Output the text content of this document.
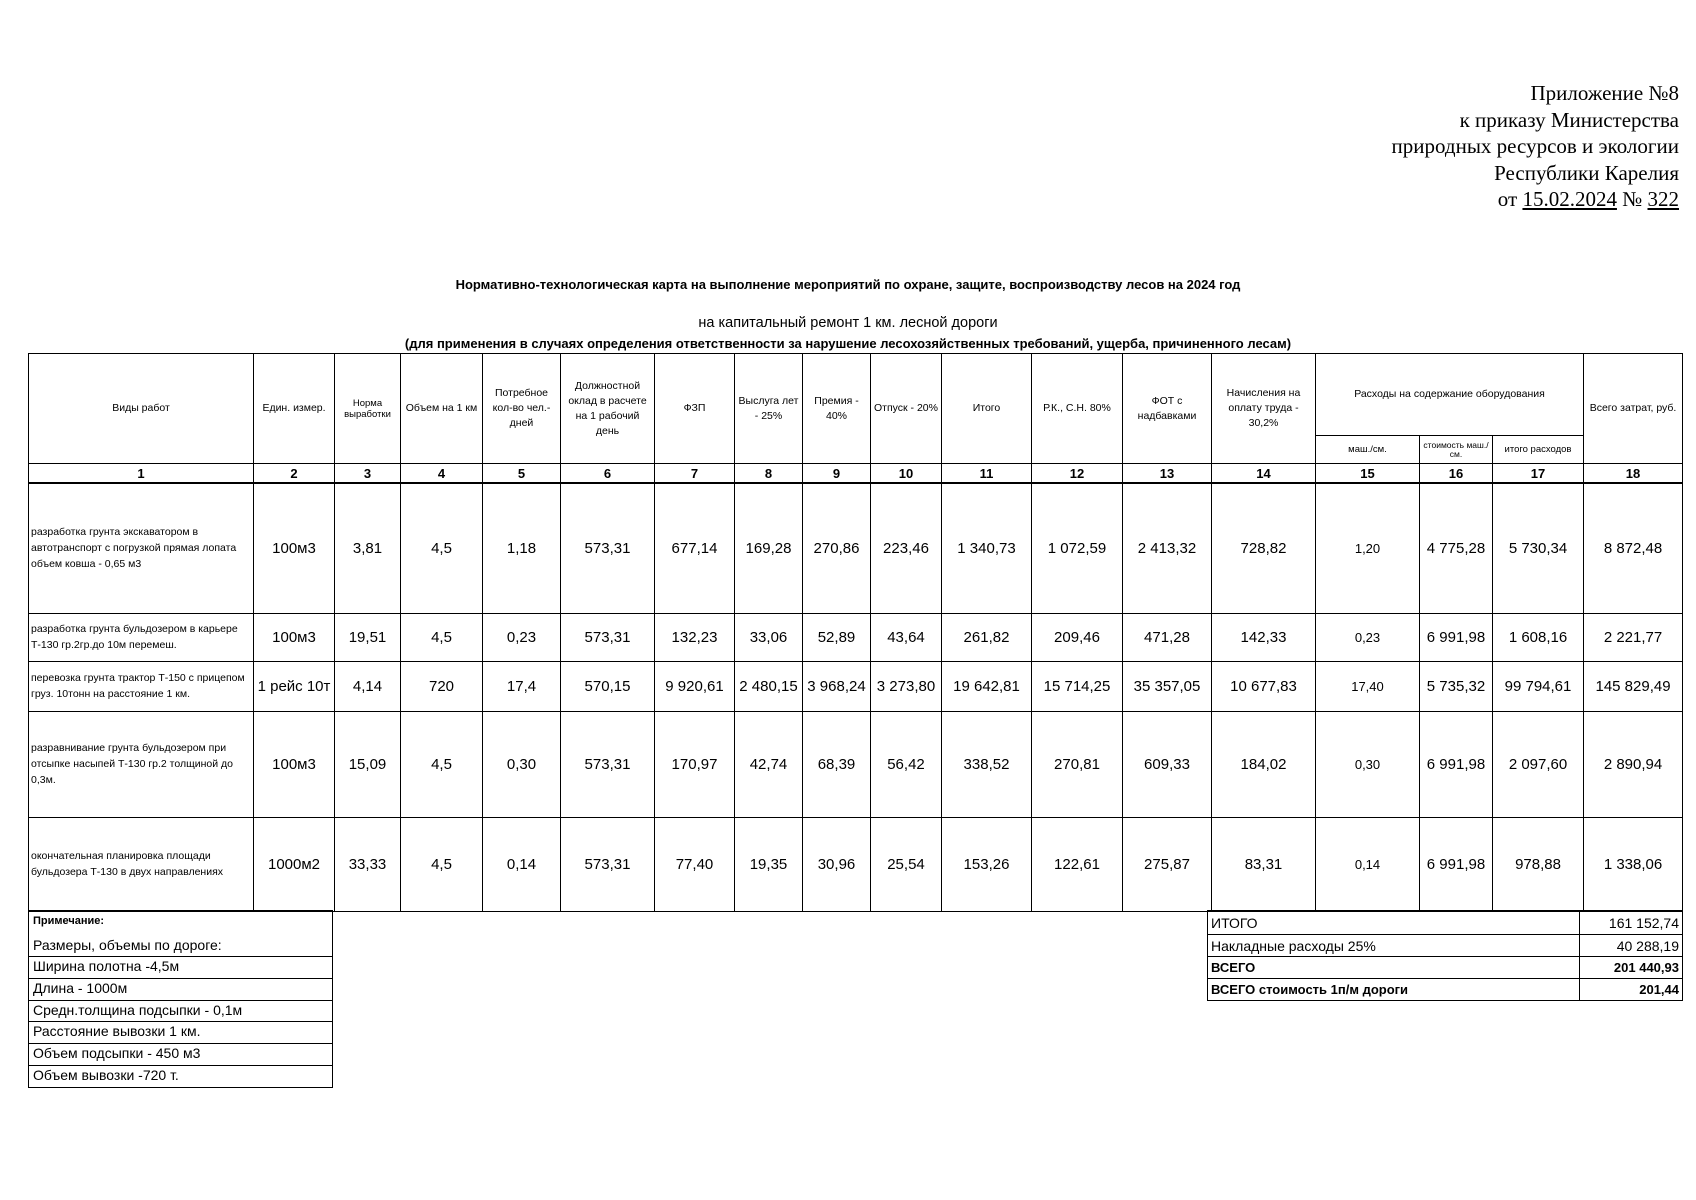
Приложение №8
к приказу Министерства
природных ресурсов и экологии
Республики Карелия
от 15.02.2024 № 322
Нормативно-технологическая карта на выполнение мероприятий по охране, защите, воспроизводству лесов на 2024 год
на капитальный ремонт 1 км. лесной дороги
(для применения в случаях определения ответственности за нарушение лесохозяйственных требований, ущерба, причиненного лесам)
Виды работ	Един. измер.	Норма выработки	Объем на 1 км	Потребное кол-во чел.-дней	Должностной оклад в расчете на 1 рабочий день	ФЗП	Выслуга лет - 25%	Премия - 40%	Отпуск - 20%	Итого	Р.К., С.Н. 80%	ФОТ с надбавками	Начисления на оплату труда - 30,2%	Расходы на содержание оборудования			Всего затрат, руб.
														маш./см.	стоимость маш./см.	итого расходов	
1	2	3	4	5	6	7	8	9	10	11	12	13	14	15	16	17	18
разработка грунта экскаватором в автотранспорт с погрузкой прямая лопата объем ковша - 0,65 м3	100м3	3,81	4,5	1,18	573,31	677,14	169,28	270,86	223,46	1 340,73	1 072,59	2 413,32	728,82	1,20	4 775,28	5 730,34	8 872,48
разработка грунта бульдозером в карьере Т-130 гр.2гр.до 10м перемеш.	100м3	19,51	4,5	0,23	573,31	132,23	33,06	52,89	43,64	261,82	209,46	471,28	142,33	0,23	6 991,98	1 608,16	2 221,77
перевозка грунта трактор Т-150 с прицепом груз. 10тонн на расстояние 1 км.	1 рейс 10т	4,14	720	17,4	570,15	9 920,61	2 480,15	3 968,24	3 273,80	19 642,81	15 714,25	35 357,05	10 677,83	17,40	5 735,32	99 794,61	145 829,49
разравнивание грунта бульдозером при отсыпке насыпей Т-130 гр.2 толщиной до 0,3м.	100м3	15,09	4,5	0,30	573,31	170,97	42,74	68,39	56,42	338,52	270,81	609,33	184,02	0,30	6 991,98	2 097,60	2 890,94
окончательная планировка площади бульдозера Т-130 в двух направлениях	1000м2	33,33	4,5	0,14	573,31	77,40	19,35	30,96	25,54	153,26	122,61	275,87	83,31	0,14	6 991,98	978,88	1 338,06
Примечание:
Размеры, объемы по дороге:
Ширина полотна -4,5м
Длина - 1000м
Средн.толщина подсыпки - 0,1м
Расстояние вывозки 1 км.
Объем подсыпки - 450 м3
Объем вывозки -720 т.
ИТОГО	161 152,74
Накладные расходы 25%	40 288,19
ВСЕГО	201 440,93
ВСЕГО стоимость 1п/м дороги	201,44
